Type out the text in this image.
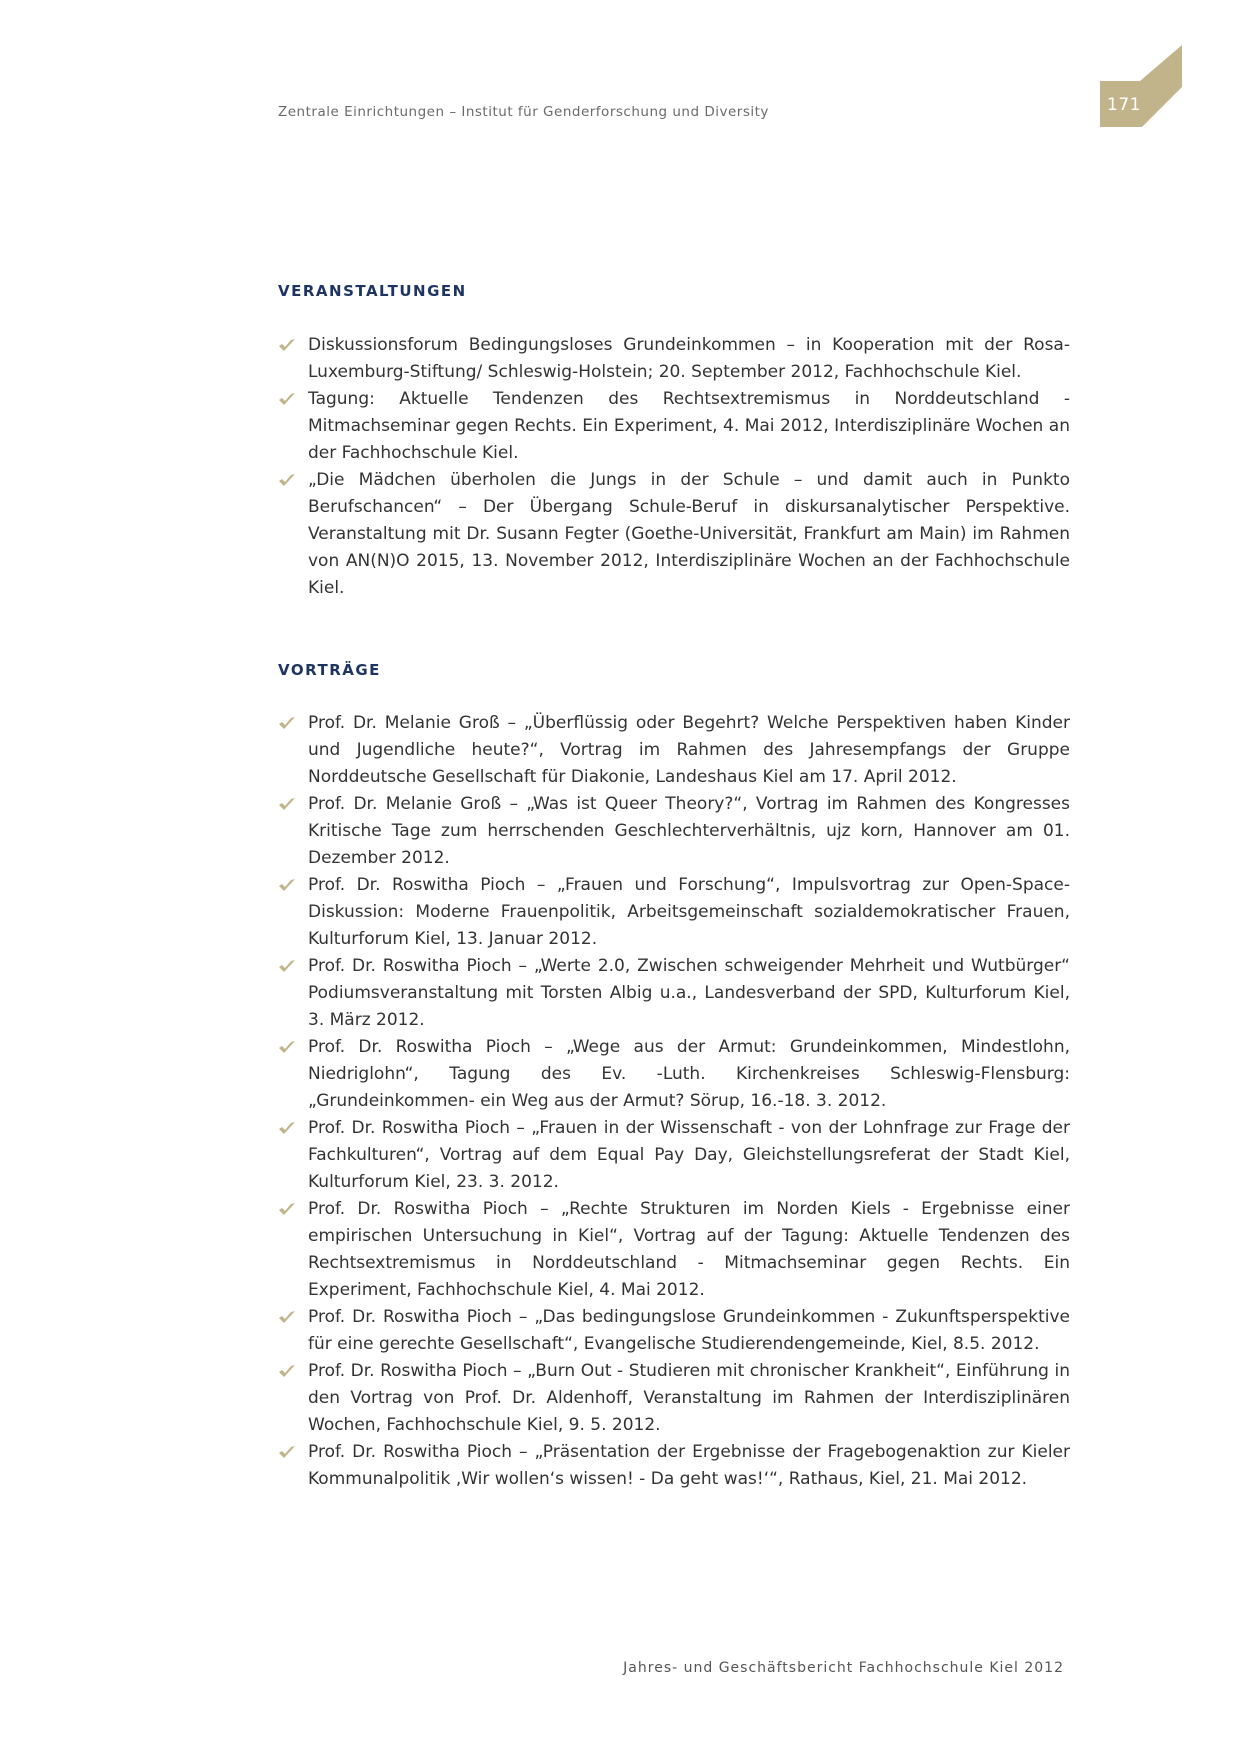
Zentrale Einrichtungen – Institut für Genderforschung und Diversity	171
VERANSTALTUNGEN
Diskussionsforum Bedingungsloses Grundeinkommen – in Kooperation mit der Rosa-Luxemburg-Stiftung/ Schleswig-Holstein; 20. September 2012, Fachhochschule Kiel.
Tagung: Aktuelle Tendenzen des Rechtsextremismus in Norddeutschland - Mitmachseminar gegen Rechts. Ein Experiment, 4. Mai 2012, Interdisziplinäre Wochen an der Fachhochschule Kiel.
„Die Mädchen überholen die Jungs in der Schule – und damit auch in Punkto Berufschancen“ – Der Übergang Schule-Beruf in diskursanalytischer Perspektive. Veranstaltung mit Dr. Susann Fegter (Goethe-Universität, Frankfurt am Main) im Rahmen von AN(N)O 2015, 13. November 2012, Interdisziplinäre Wochen an der Fachhochschule Kiel.
VORTRÄGE
Prof. Dr. Melanie Groß – „Überflüssig oder Begehrt? Welche Perspektiven haben Kinder und Jugendliche heute?“, Vortrag im Rahmen des Jahresempfangs der Gruppe Norddeutsche Gesellschaft für Diakonie, Landeshaus Kiel am 17. April 2012.
Prof. Dr. Melanie Groß – „Was ist Queer Theory?“, Vortrag im Rahmen des Kongresses Kritische Tage zum herrschenden Geschlechterverhältnis, ujz korn, Hannover am 01. Dezember 2012.
Prof. Dr. Roswitha Pioch – „Frauen und Forschung“, Impulsvortrag zur Open-Space-Diskussion: Moderne Frauenpolitik, Arbeitsgemeinschaft sozialdemokratischer Frauen, Kulturforum Kiel, 13. Januar 2012.
Prof. Dr. Roswitha Pioch – „Werte 2.0, Zwischen schweigender Mehrheit und Wutbürger“ Podiumsveranstaltung mit Torsten Albig u.a., Landesverband der SPD, Kulturforum Kiel, 3. März 2012.
Prof. Dr. Roswitha Pioch – „Wege aus der Armut: Grundeinkommen, Mindestlohn, Niedriglohn“, Tagung des Ev. -Luth. Kirchenkreises Schleswig-Flensburg: „Grundeinkommen- ein Weg aus der Armut? Sörup, 16.-18. 3. 2012.
Prof. Dr. Roswitha Pioch – „Frauen in der Wissenschaft - von der Lohnfrage zur Frage der Fachkulturen“, Vortrag auf dem Equal Pay Day, Gleichstellungsreferat der Stadt Kiel, Kulturforum Kiel, 23. 3. 2012.
Prof. Dr. Roswitha Pioch – „Rechte Strukturen im Norden Kiels - Ergebnisse einer empirischen Untersuchung in Kiel“, Vortrag auf der Tagung: Aktuelle Tendenzen des Rechtsextremismus in Norddeutschland - Mitmachseminar gegen Rechts. Ein Experiment, Fachhochschule Kiel, 4. Mai 2012.
Prof. Dr. Roswitha Pioch – „Das bedingungslose Grundeinkommen - Zukunftsperspektive für eine gerechte Gesellschaft“, Evangelische Studierendengemeinde, Kiel, 8.5. 2012.
Prof. Dr. Roswitha Pioch – „Burn Out - Studieren mit chronischer Krankheit“, Einführung in den Vortrag von Prof. Dr. Aldenhoff, Veranstaltung im Rahmen der Interdisziplinären Wochen, Fachhochschule Kiel, 9. 5. 2012.
Prof. Dr. Roswitha Pioch – „Präsentation der Ergebnisse der Fragebogenaktion zur Kieler Kommunalpolitik ‚Wir wollen‘s wissen! - Da geht was!‘“, Rathaus, Kiel, 21. Mai 2012.
Jahres- und Geschäftsbericht Fachhochschule Kiel 2012
